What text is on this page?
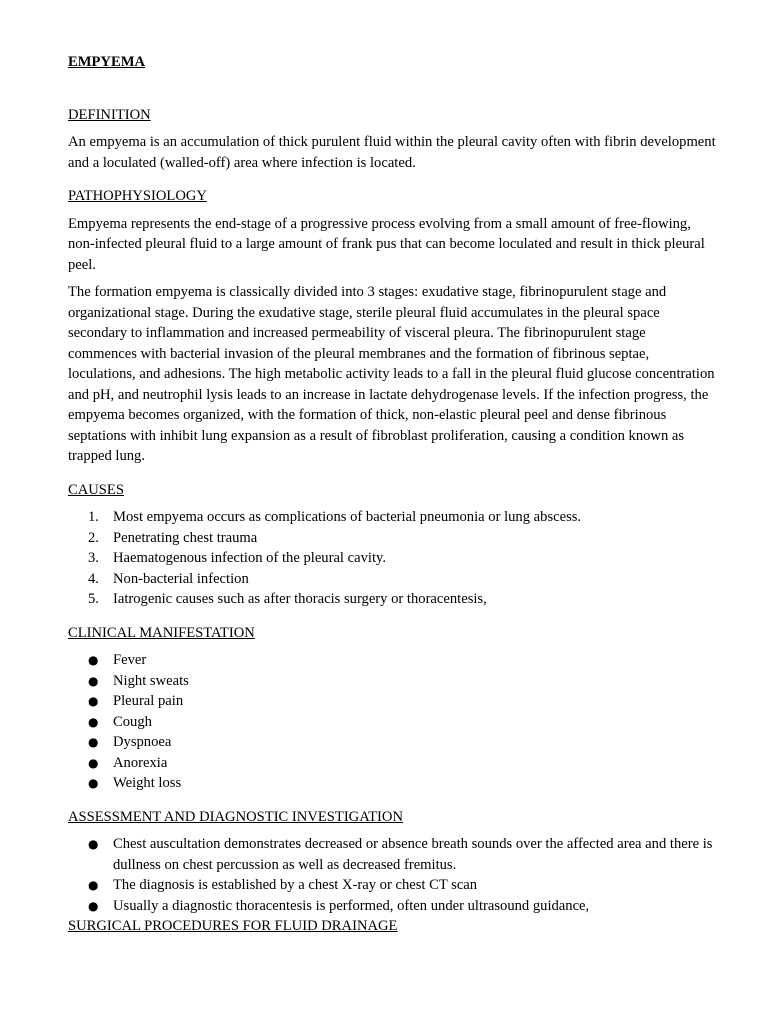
EMPYEMA
DEFINITION

An empyema is an accumulation of thick purulent fluid within the pleural cavity often with fibrin development and a loculated (walled-off) area where infection is located.

PATHOPHYSIOLOGY

Empyema represents the end-stage of a progressive process evolving from a small amount of free-flowing, non-infected pleural fluid to a large amount of frank pus that can become loculated and result in thick pleural peel.

The formation empyema is classically divided into 3 stages: exudative stage, fibrinopurulent stage and organizational stage. During the exudative stage, sterile pleural fluid accumulates in the pleural space secondary to inflammation and increased permeability of visceral pleura. The fibrinopurulent stage commences with bacterial invasion of the pleural membranes and the formation of fibrinous septae, loculations, and adhesions. The high metabolic activity leads to a fall in the pleural fluid glucose concentration and pH, and neutrophil lysis leads to an increase in lactate dehydrogenase levels. If the infection progress, the empyema becomes organized, with the formation of thick, non-elastic pleural peel and dense fibrinous septations with inhibit lung expansion as a result of fibroblast proliferation, causing a condition known as trapped lung.

CAUSES
1. Most empyema occurs as complications of bacterial pneumonia or lung abscess.
2. Penetrating chest trauma
3. Haematogenous infection of the pleural cavity.
4. Non-bacterial infection
5. Iatrogenic causes such as after thoracis surgery or thoracentesis,
CLINICAL MANIFESTATION
● Fever
● Night sweats
● Pleural pain
● Cough
● Dyspnoea
● Anorexia
● Weight loss
ASSESSMENT AND DIAGNOSTIC INVESTIGATION
● Chest auscultation demonstrates decreased or absence breath sounds over the affected area and there is dullness on chest percussion as well as decreased fremitus.
● The diagnosis is established by a chest X-ray or chest CT scan
● Usually a diagnostic thoracentesis is performed, often under ultrasound guidance,
SURGICAL PROCEDURES FOR FLUID DRAINAGE
